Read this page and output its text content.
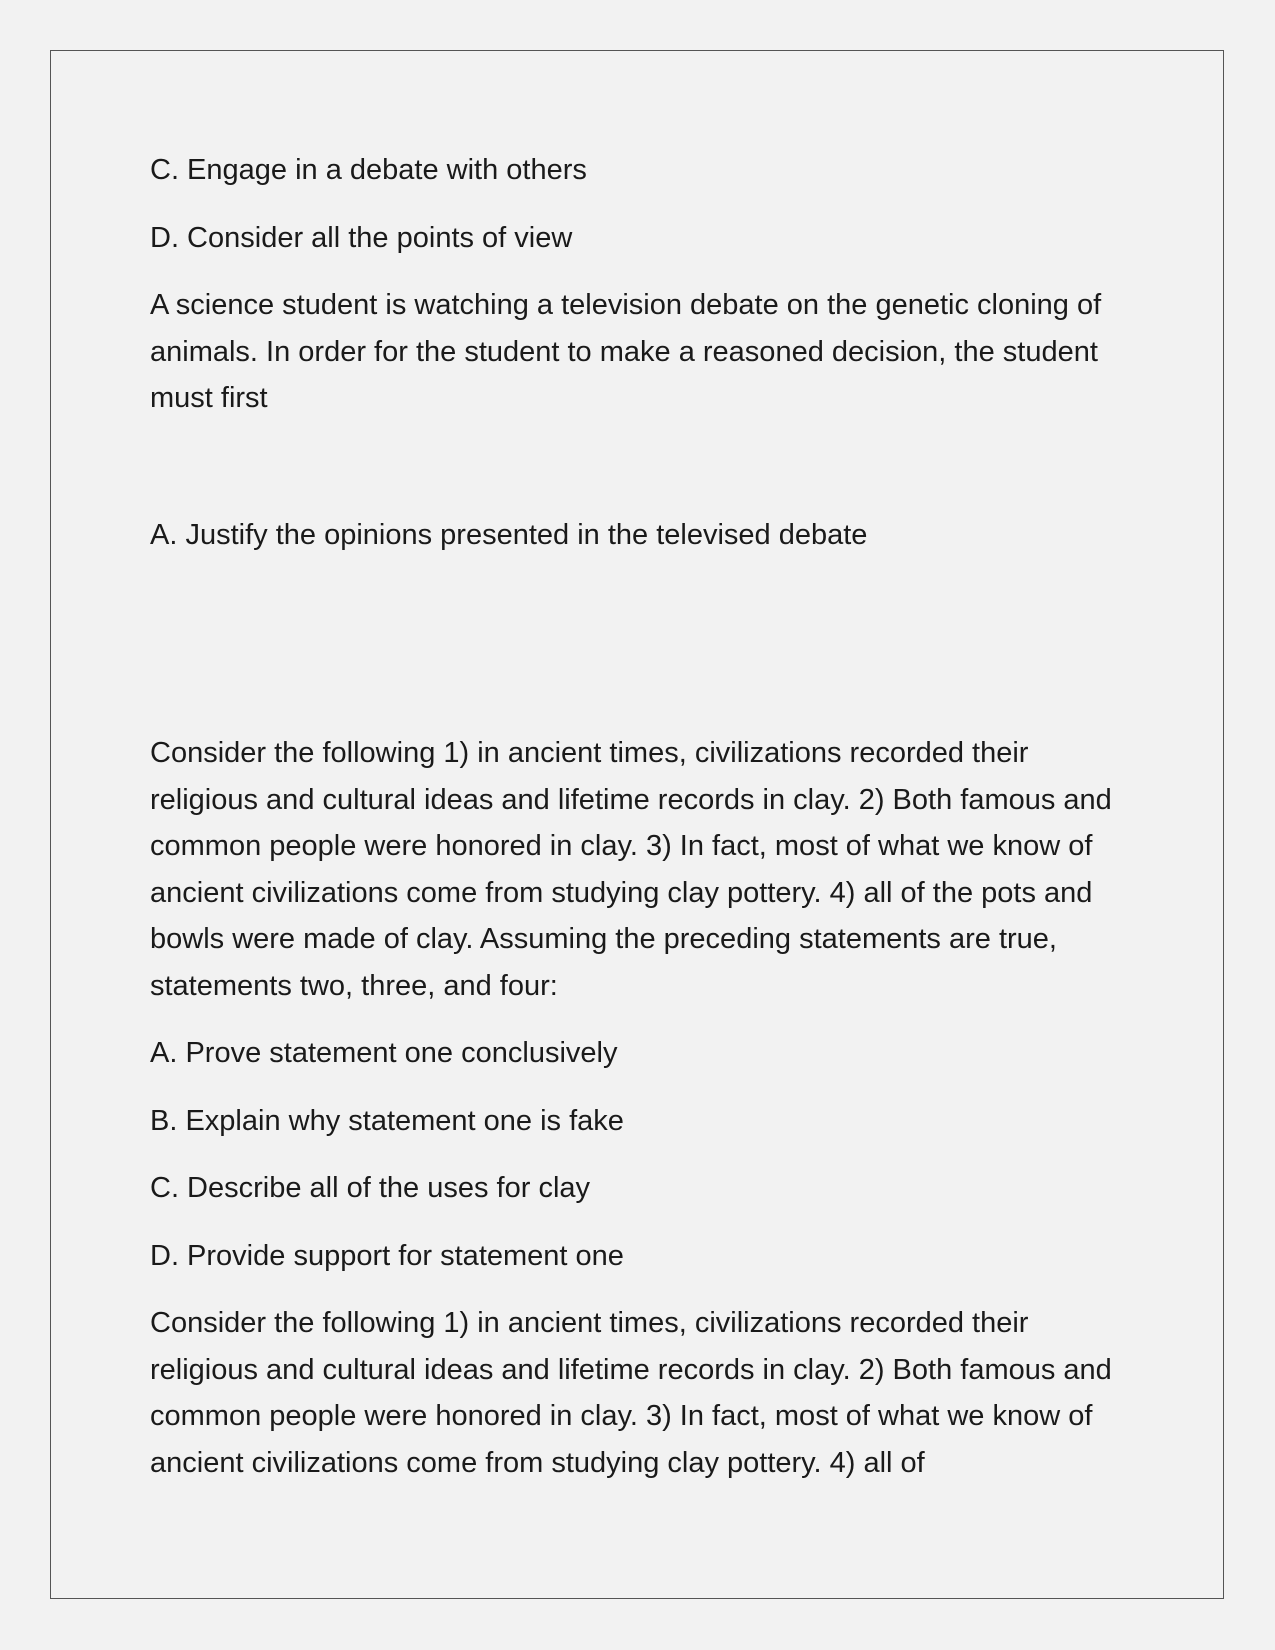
C. Engage in a debate with others

D. Consider all the points of view

A science student is watching a television debate on the genetic cloning of animals. In order for the student to make a reasoned decision, the student must first

A. Justify the opinions presented in the televised debate

Consider the following 1) in ancient times, civilizations recorded their religious and cultural ideas and lifetime records in clay. 2) Both famous and common people were honored in clay. 3) In fact, most of what we know of ancient civilizations come from studying clay pottery. 4) all of the pots and bowls were made of clay. Assuming the preceding statements are true, statements two, three, and four:

A. Prove statement one conclusively

B. Explain why statement one is fake

C. Describe all of the uses for clay

D. Provide support for statement one

Consider the following 1) in ancient times, civilizations recorded their religious and cultural ideas and lifetime records in clay. 2) Both famous and common people were honored in clay. 3) In fact, most of what we know of ancient civilizations come from studying clay pottery. 4) all of
